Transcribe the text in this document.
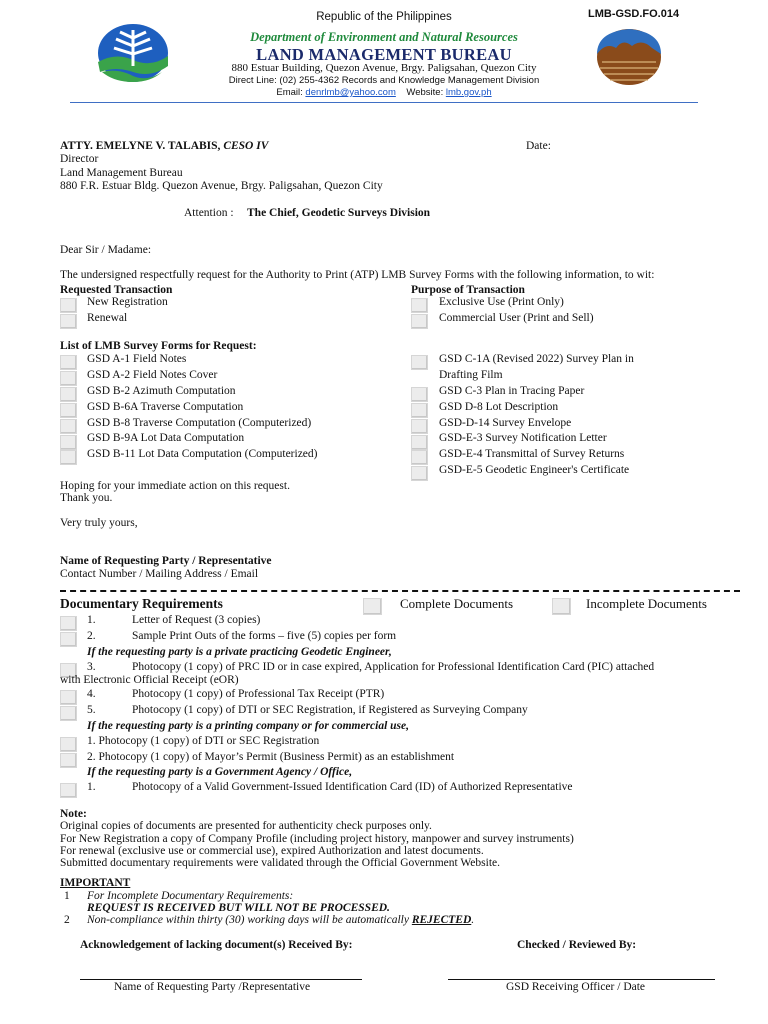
Republic of the Philippines
Department of Environment and Natural Resources
LAND MANAGEMENT BUREAU
880 Estuar Building, Quezon Avenue, Brgy. Paligsahan, Quezon City
Direct Line: (02) 255-4362 Records and Knowledge Management Division
Email: denrlmb@yahoo.com Website: lmb.gov.ph
LMB-GSD.FO.014
ATTY. EMELYNE V. TALABIS, CESO IV	Date:
Director
Land Management Bureau
880 F.R. Estuar Bldg. Quezon Avenue, Brgy. Paligsahan, Quezon City
Attention : The Chief, Geodetic Surveys Division
Dear Sir / Madame:
The undersigned respectfully request for the Authority to Print (ATP) LMB Survey Forms with the following information, to wit:
Requested Transaction	Purpose of Transaction
New Registration
Renewal
Exclusive Use (Print Only)
Commercial User (Print and Sell)
List of LMB Survey Forms for Request:
GSD A-1 Field Notes
GSD A-2 Field Notes Cover
GSD B-2 Azimuth Computation
GSD B-6A Traverse Computation
GSD B-8 Traverse Computation (Computerized)
GSD B-9A Lot Data Computation
GSD B-11 Lot Data Computation (Computerized)
GSD C-1A (Revised 2022) Survey Plan in
Drafting Film
GSD C-3 Plan in Tracing Paper
GSD D-8 Lot Description
GSD-D-14 Survey Envelope
GSD-E-3 Survey Notification Letter
GSD-E-4 Transmittal of Survey Returns
GSD-E-5 Geodetic Engineer's Certificate
Hoping for your immediate action on this request.
Thank you.
Very truly yours,
Name of Requesting Party / Representative
Contact Number / Mailing Address / Email
Documentary Requirements	Complete Documents	Incomplete Documents
1.	Letter of Request (3 copies)
2.	Sample Print Outs of the forms – five (5) copies per form
If the requesting party is a private practicing Geodetic Engineer,
3.	Photocopy (1 copy) of PRC ID or in case expired, Application for Professional Identification Card (PIC) attached
with Electronic Official Receipt (eOR)
4.	Photocopy (1 copy) of Professional Tax Receipt (PTR)
5.	Photocopy (1 copy) of DTI or SEC Registration, if Registered as Surveying Company
If the requesting party is a printing company or for commercial use,
1. Photocopy (1 copy) of DTI or SEC Registration
2. Photocopy (1 copy) of Mayor’s Permit (Business Permit) as an establishment
If the requesting party is a Government Agency / Office,
1.	Photocopy of a Valid Government-Issued Identification Card (ID) of Authorized Representative
Note:
Original copies of documents are presented for authenticity check purposes only.
For New Registration a copy of Company Profile (including project history, manpower and survey instruments)
For renewal (exclusive use or commercial use), expired Authorization and latest documents.
Submitted documentary requirements were validated through the Official Government Website.
IMPORTANT
1 For Incomplete Documentary Requirements:
REQUEST IS RECEIVED BUT WILL NOT BE PROCESSED.
2 Non-compliance within thirty (30) working days will be automatically REJECTED.
Acknowledgement of lacking document(s) Received By:	Checked / Reviewed By:
Name of Requesting Party /Representative	GSD Receiving Officer / Date
